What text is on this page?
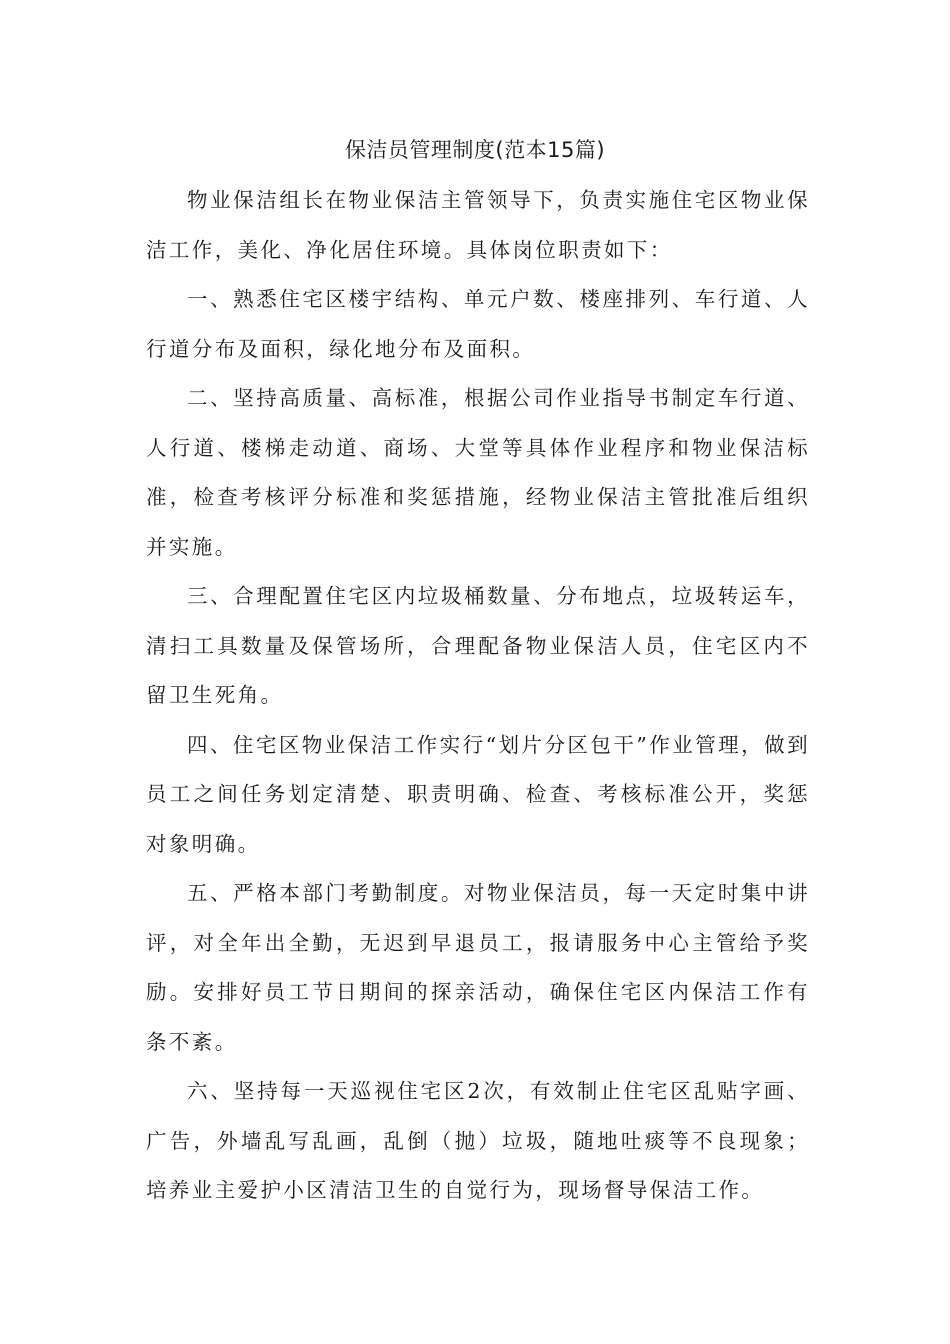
保洁员管理制度(范本15篇)

物业保洁组长在物业保洁主管领导下，负责实施住宅区物业保洁工作，美化、净化居住环境。具体岗位职责如下：

一、熟悉住宅区楼宇结构、单元户数、楼座排列、车行道、人行道分布及面积，绿化地分布及面积。

二、坚持高质量、高标准，根据公司作业指导书制定车行道、人行道、楼梯走动道、商场、大堂等具体作业程序和物业保洁标准，检查考核评分标准和奖惩措施，经物业保洁主管批准后组织并实施。

三、合理配置住宅区内垃圾桶数量、分布地点，垃圾转运车，清扫工具数量及保管场所，合理配备物业保洁人员，住宅区内不留卫生死角。

四、住宅区物业保洁工作实行“划片分区包干”作业管理，做到员工之间任务划定清楚、职责明确、检查、考核标准公开，奖惩对象明确。

五、严格本部门考勤制度。对物业保洁员，每一天定时集中讲评，对全年出全勤，无迟到早退员工，报请服务中心主管给予奖励。安排好员工节日期间的探亲活动，确保住宅区内保洁工作有条不紊。

六、坚持每一天巡视住宅区2次，有效制止住宅区乱贴字画、广告，外墙乱写乱画，乱倒（抛）垃圾，随地吐痰等不良现象；培养业主爱护小区清洁卫生的自觉行为，现场督导保洁工作。
